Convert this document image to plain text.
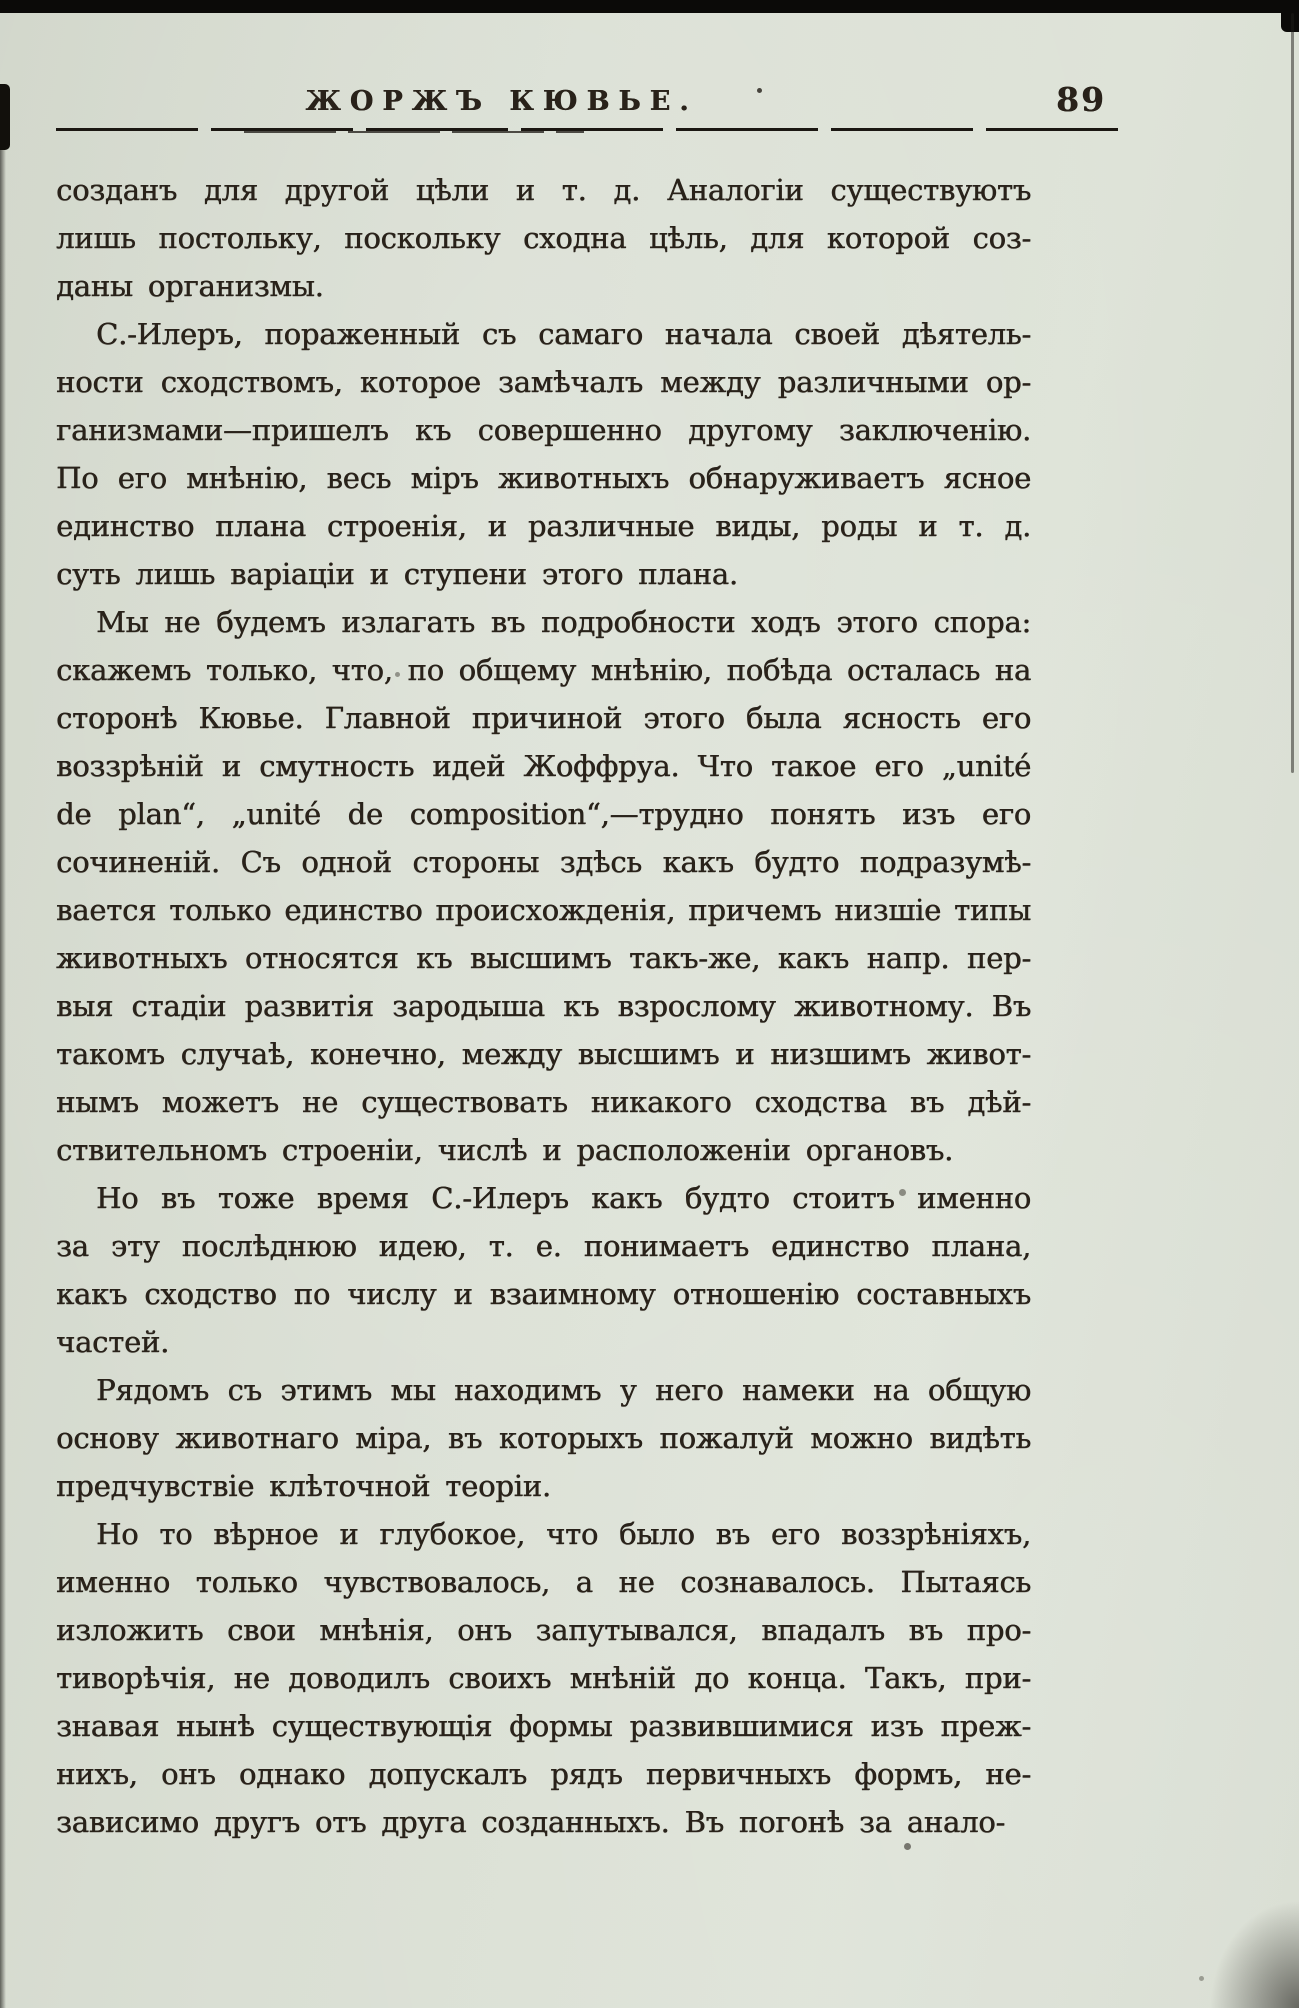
ЖОРЖЪ КЮВЬЕ.	89
созданъ для другой цѣли и т. д. Аналогіи существуютъ
лишь постольку, поскольку сходна цѣль, для которой соз-
даны организмы.
С.-Илеръ, пораженный съ самаго начала своей дѣятель-
ности сходствомъ, которое замѣчалъ между различными ор-
ганизмами—пришелъ къ совершенно другому заключенію.
По его мнѣнію, весь міръ животныхъ обнаруживаетъ ясное
единство плана строенія, и различные виды, роды и т. д.
суть лишь варіаціи и ступени этого плана.
Мы не будемъ излагать въ подробности ходъ этого спора:
скажемъ только, что, по общему мнѣнію, побѣда осталась на
сторонѣ Кювье. Главной причиной этого была ясность его
воззрѣній и смутность идей Жоффруа. Что такое его „unité
de plan“, „unité de composition“,—трудно понять изъ его
сочиненій. Съ одной стороны здѣсь какъ будто подразумѣ-
вается только единство происхожденія, причемъ низшіе типы
животныхъ относятся къ высшимъ такъ-же, какъ напр. пер-
выя стадіи развитія зародыша къ взрослому животному. Въ
такомъ случаѣ, конечно, между высшимъ и низшимъ живот-
нымъ можетъ не существовать никакого сходства въ дѣй-
ствительномъ строеніи, числѣ и расположеніи органовъ.
Но въ тоже время С.-Илеръ какъ будто стоитъ именно
за эту послѣднюю идею, т. е. понимаетъ единство плана,
какъ сходство по числу и взаимному отношенію составныхъ
частей.
Рядомъ съ этимъ мы находимъ у него намеки на общую
основу животнаго міра, въ которыхъ пожалуй можно видѣть
предчувствіе клѣточной теоріи.
Но то вѣрное и глубокое, что было въ его воззрѣніяхъ,
именно только чувствовалось, а не сознавалось. Пытаясь
изложить свои мнѣнія, онъ запутывался, впадалъ въ про-
тиворѣчія, не доводилъ своихъ мнѣній до конца. Такъ, при-
знавая нынѣ существующія формы развившимися изъ преж-
нихъ, онъ однако допускалъ рядъ первичныхъ формъ, не-
зависимо другъ отъ друга созданныхъ. Въ погонѣ за анало-
